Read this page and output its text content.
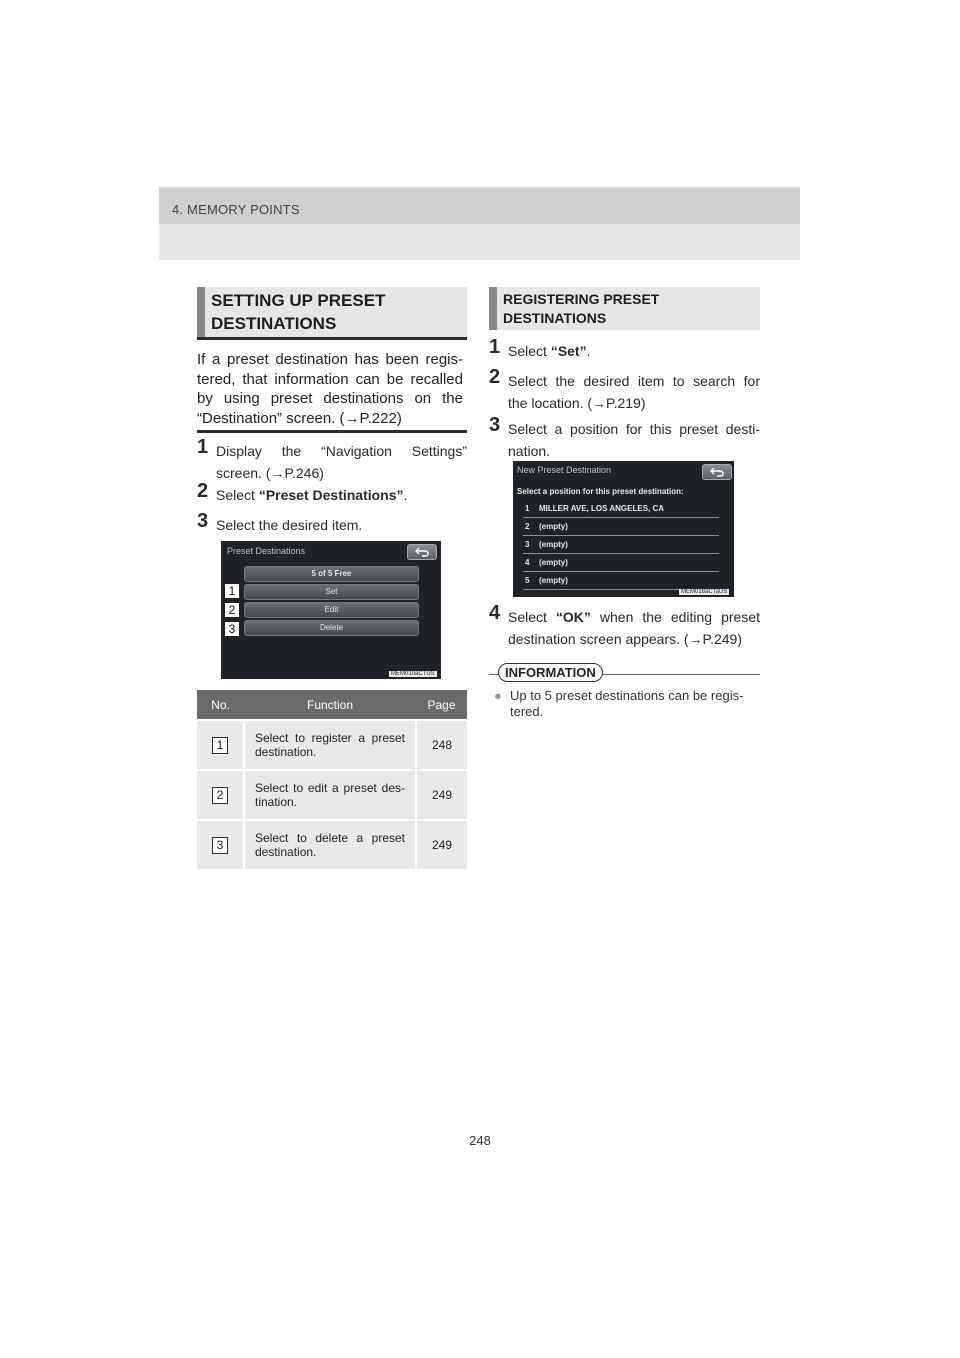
4. MEMORY POINTS
SETTING UP PRESET
DESTINATIONS
If a preset destination has been regis-
tered, that information can be recalled
by using preset destinations on the
“Destination” screen. (→P.222)
1 Display the “Navigation Settings”
screen. (→P.246)
2 Select “Preset Destinations”.
3 Select the desired item.
Preset Destinations
5 of 5 Free
Set
Edit
Delete
1
2
3
MEM010aCTUS
No.	Function	Page
1	Select to register a preset
destination.	248
2	Select to edit a preset des-
tination.	249
3	Select to delete a preset
destination.	249
REGISTERING PRESET
DESTINATIONS
1 Select “Set”.
2 Select the desired item to search for
the location. (→P.219)
3 Select a position for this preset desti-
nation.
New Preset Destination
Select a position for this preset destination:
1 MILLER AVE, LOS ANGELES, CA
2 (empty)
3 (empty)
4 (empty)
5 (empty)
MEM018aCTaUS
4 Select “OK” when the editing preset
destination screen appears. (→P.249)
INFORMATION
● Up to 5 preset destinations can be regis-
tered.
248
